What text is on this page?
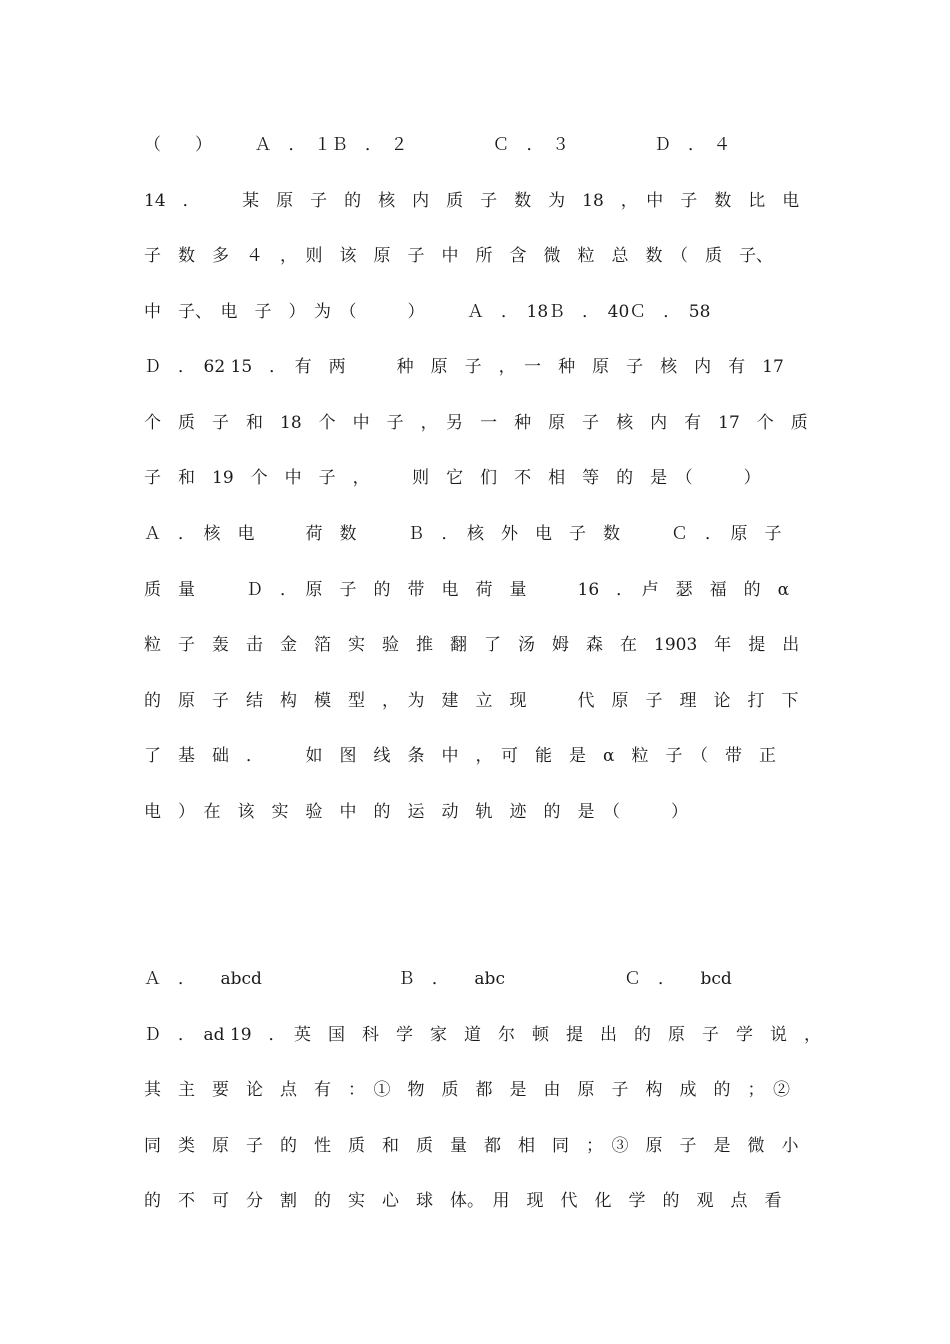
（　　）　　　Ａ　．　１Ｂ　．　２　　　　　Ｃ　．　３　　　　　Ｄ　．　４
14　．　　　某　原　子　的　核　内　质　子　数　为　18　，　中　子　数　比　电
子　数　多　４　，　则　该　原　子　中　所　含　微　粒　总　数　（　质　子、
中　子、　电　子　）　为　（　　　）　　　Ａ　．　18Ｂ　．　40Ｃ　．　58
Ｄ　．　62 15　．　有　两　　　种　原　子　，　一　种　原　子　核　内　有　17
个　质　子　和　18　个　中　子　，　另　一　种　原　子　核　内　有　17　个　质
子　和　19　个　中　子　，　　　则　它　们　不　相　等　的　是　（　　　）
Ａ　．　核　电　　　荷　数　　　Ｂ　．　核　外　电　子　数　　　Ｃ　．　原　子
质　量　　　Ｄ　．　原　子　的　带　电　荷　量　　　16　．　卢　瑟　福　的　α
粒　子　轰　击　金　箔　实　验　推　翻　了　汤　姆　森　在　1903　年　提　出
的　原　子　结　构　模　型　，　为　建　立　现　　　代　原　子　理　论　打　下
了　基　础　．　　　如　图　线　条　中　，　可　能　是　α　粒　子　（　带　正
电　）　在　该　实　验　中　的　运　动　轨　迹　的　是　（　　　）
Ａ　．　　abcd　　　　　　　　Ｂ　．　　abc　　　　　　　Ｃ　．　　bcd
Ｄ　．　ad 19　．　英　国　科　学　家　道　尔　顿　提　出　的　原　子　学　说　，
其　主　要　论　点　有　：　①　物　质　都　是　由　原　子　构　成　的　；　②
同　类　原　子　的　性　质　和　质　量　都　相　同　；　③　原　子　是　微　小
的　不　可　分　割　的　实　心　球　体。　用　现　代　化　学　的　观　点　看
